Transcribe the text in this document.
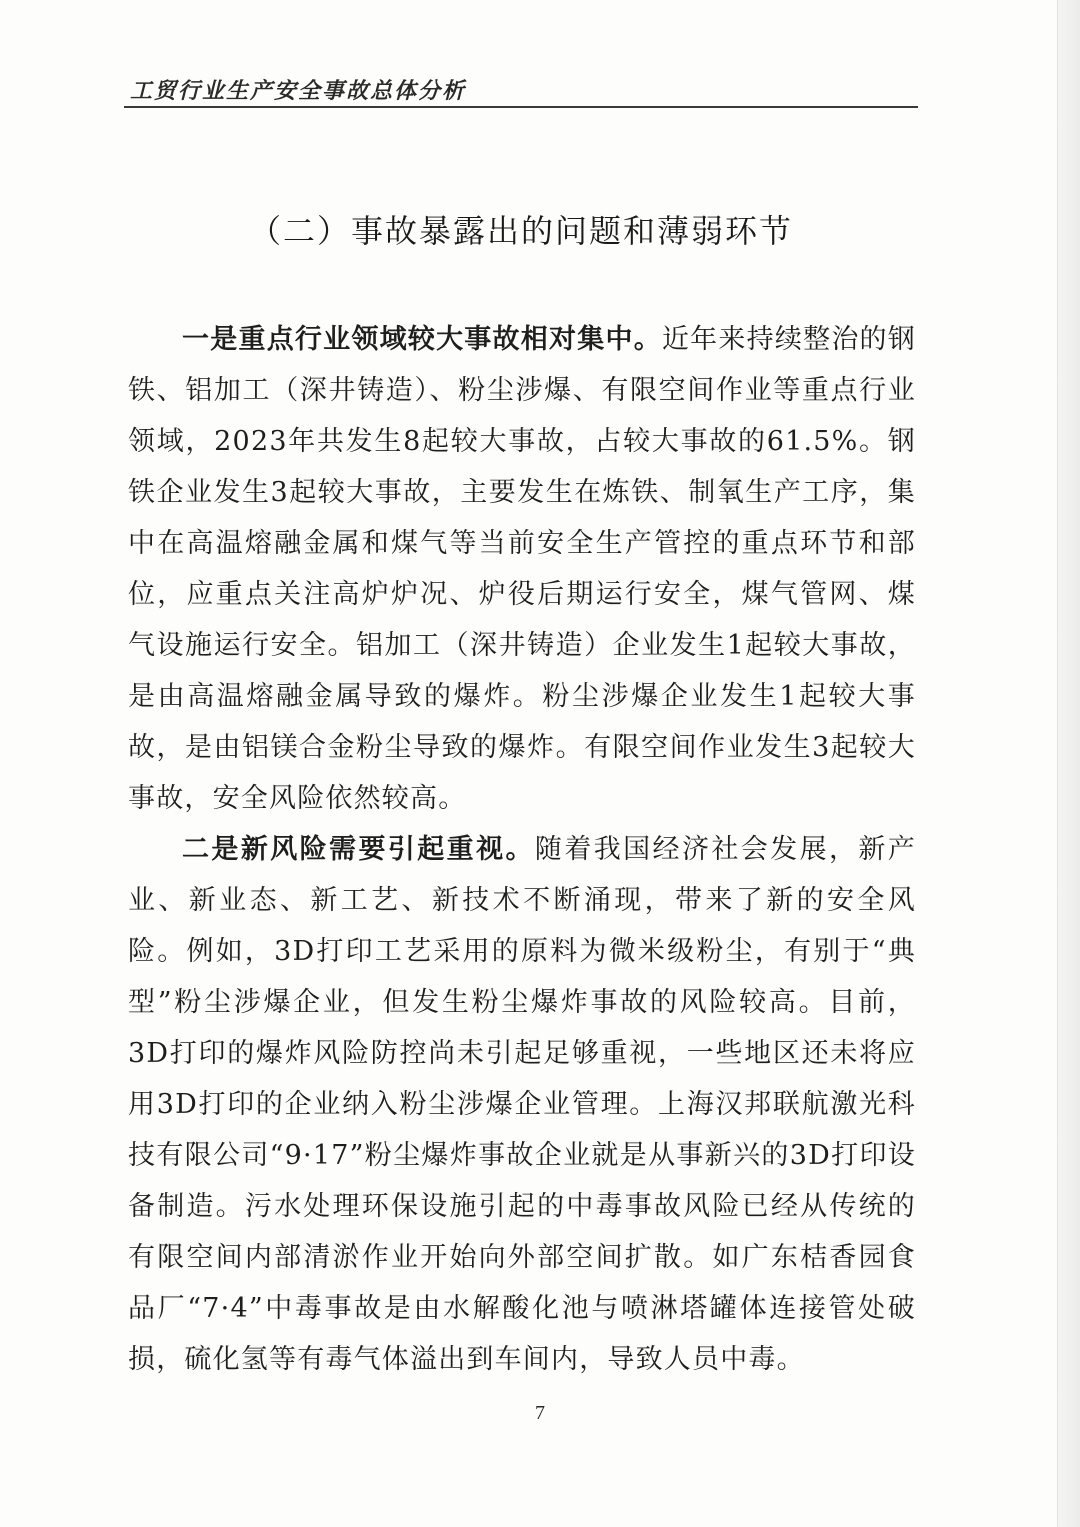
工贸行业生产安全事故总体分析
（二）事故暴露出的问题和薄弱环节

一是重点行业领域较大事故相对集中。近年来持续整治的钢铁、铝加工（深井铸造）、粉尘涉爆、有限空间作业等重点行业领域，2023年共发生8起较大事故，占较大事故的61.5%。钢铁企业发生3起较大事故，主要发生在炼铁、制氧生产工序，集中在高温熔融金属和煤气等当前安全生产管控的重点环节和部位，应重点关注高炉炉况、炉役后期运行安全，煤气管网、煤气设施运行安全。铝加工（深井铸造）企业发生1起较大事故，是由高温熔融金属导致的爆炸。粉尘涉爆企业发生1起较大事故，是由铝镁合金粉尘导致的爆炸。有限空间作业发生3起较大事故，安全风险依然较高。

二是新风险需要引起重视。随着我国经济社会发展，新产业、新业态、新工艺、新技术不断涌现，带来了新的安全风险。例如，3D打印工艺采用的原料为微米级粉尘，有别于“典型”粉尘涉爆企业，但发生粉尘爆炸事故的风险较高。目前，3D打印的爆炸风险防控尚未引起足够重视，一些地区还未将应用3D打印的企业纳入粉尘涉爆企业管理。上海汉邦联航激光科技有限公司“9·17”粉尘爆炸事故企业就是从事新兴的3D打印设备制造。污水处理环保设施引起的中毒事故风险已经从传统的有限空间内部清淤作业开始向外部空间扩散。如广东桔香园食品厂“7·4”中毒事故是由水解酸化池与喷淋塔罐体连接管处破损，硫化氢等有毒气体溢出到车间内，导致人员中毒。

7
